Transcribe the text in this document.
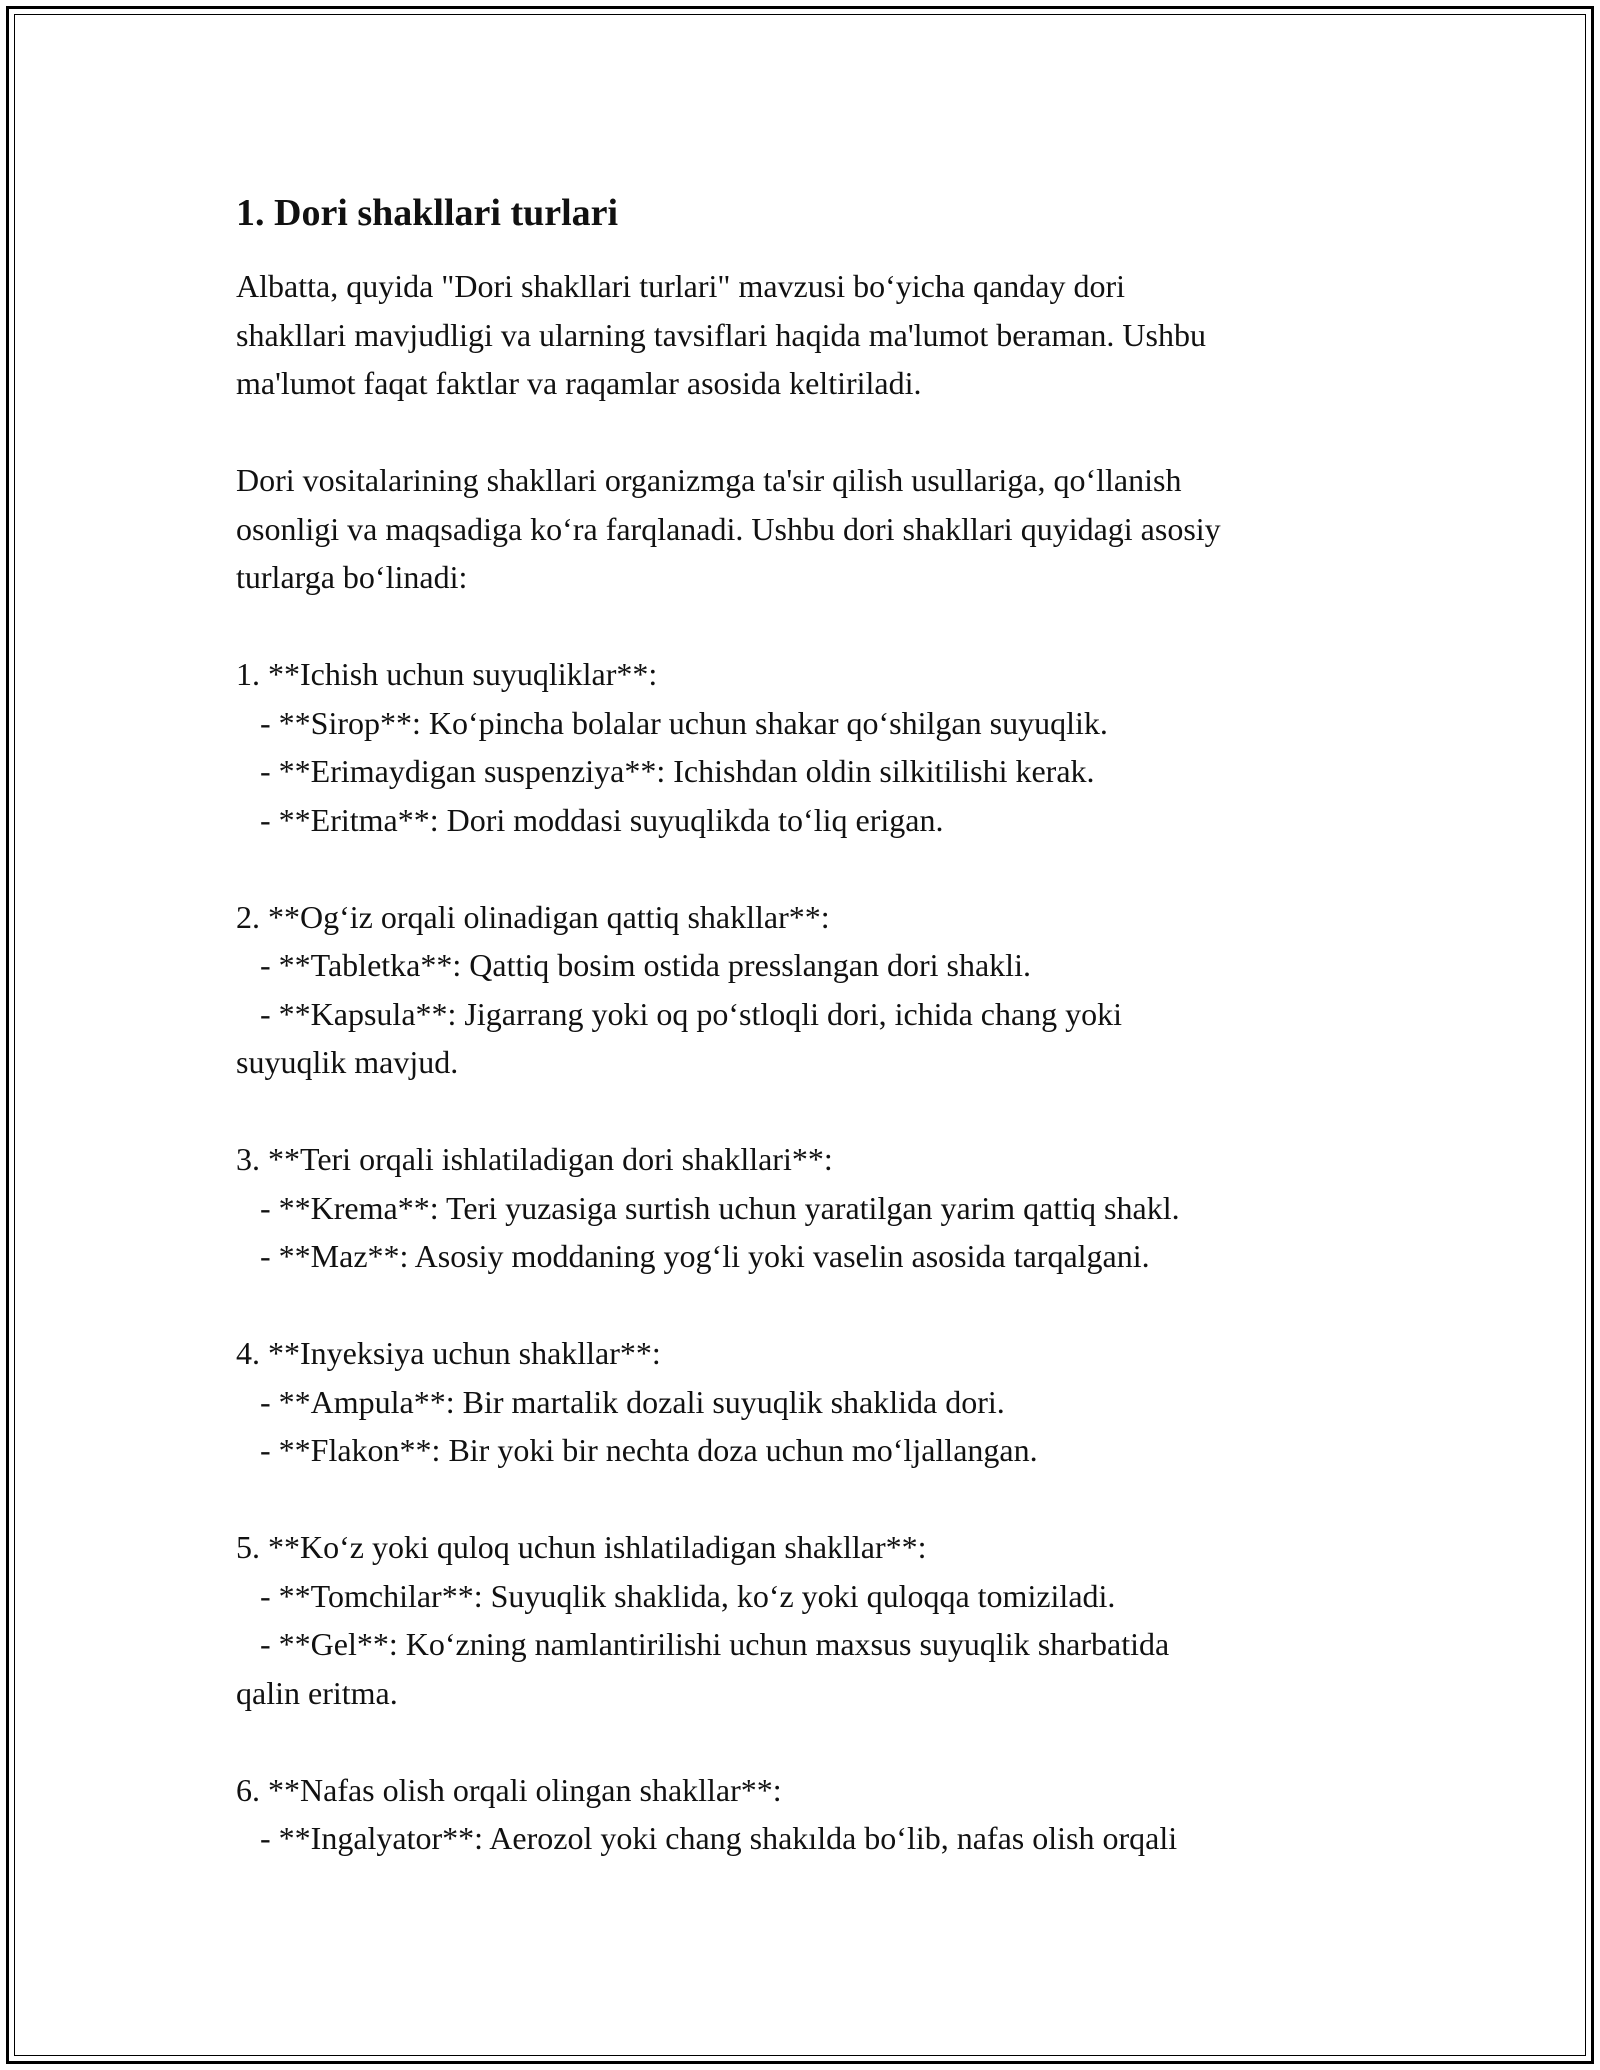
1. Dori shakllari turlari
Albatta, quyida "Dori shakllari turlari" mavzusi bo‘yicha qanday dori
shakllari mavjudligi va ularning tavsiflari haqida ma'lumot beraman. Ushbu
ma'lumot faqat faktlar va raqamlar asosida keltiriladi.
Dori vositalarining shakllari organizmga ta'sir qilish usullariga, qo‘llanish
osonligi va maqsadiga ko‘ra farqlanadi. Ushbu dori shakllari quyidagi asosiy
turlarga bo‘linadi:
1. **Ichish uchun suyuqliklar**:
- **Sirop**: Ko‘pincha bolalar uchun shakar qo‘shilgan suyuqlik.
- **Erimaydigan suspenziya**: Ichishdan oldin silkitilishi kerak.
- **Eritma**: Dori moddasi suyuqlikda to‘liq erigan.
2. **Og‘iz orqali olinadigan qattiq shakllar**:
- **Tabletka**: Qattiq bosim ostida presslangan dori shakli.
- **Kapsula**: Jigarrang yoki oq po‘stloqli dori, ichida chang yoki
suyuqlik mavjud.
3. **Teri orqali ishlatiladigan dori shakllari**:
- **Krema**: Teri yuzasiga surtish uchun yaratilgan yarim qattiq shakl.
- **Maz**: Asosiy moddaning yog‘li yoki vaselin asosida tarqalgani.
4. **Inyeksiya uchun shakllar**:
- **Ampula**: Bir martalik dozali suyuqlik shaklida dori.
- **Flakon**: Bir yoki bir nechta doza uchun mo‘ljallangan.
5. **Ko‘z yoki quloq uchun ishlatiladigan shakllar**:
- **Tomchilar**: Suyuqlik shaklida, ko‘z yoki quloqqa tomiziladi.
- **Gel**: Ko‘zning namlantirilishi uchun maxsus suyuqlik sharbatida
qalin eritma.
6. **Nafas olish orqali olingan shakllar**:
- **Ingalyator**: Aerozol yoki chang shakılda bo‘lib, nafas olish orqali
